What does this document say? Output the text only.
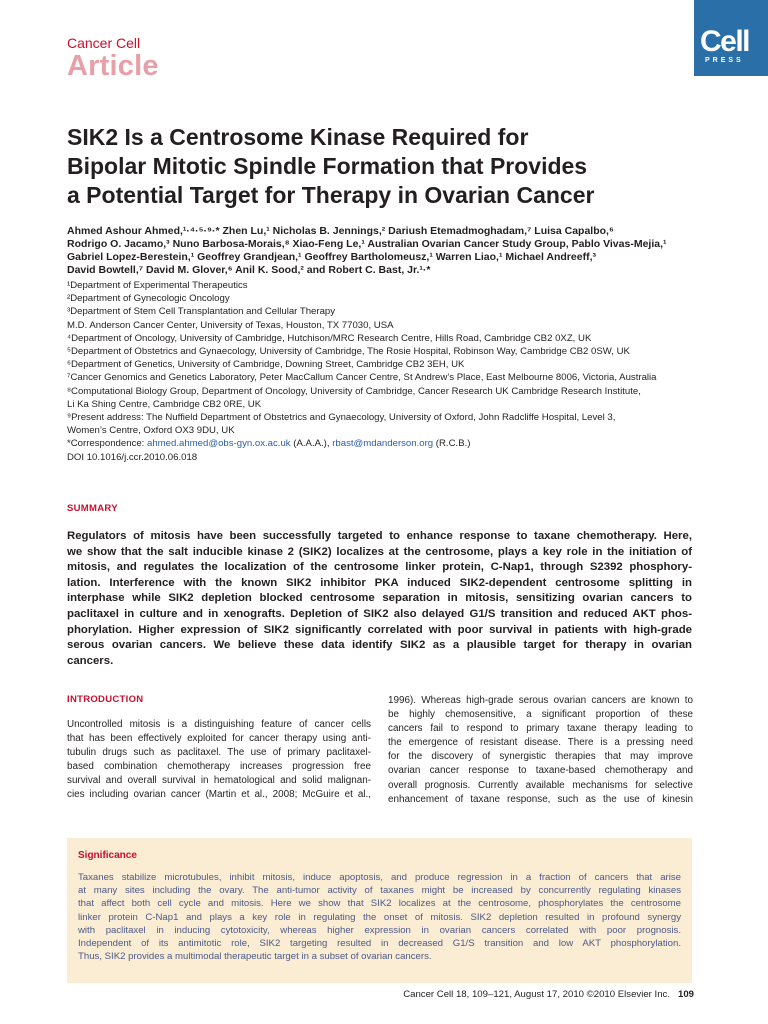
Cancer Cell
Article
Cell
PRESS
SIK2 Is a Centrosome Kinase Required for
Bipolar Mitotic Spindle Formation that Provides
a Potential Target for Therapy in Ovarian Cancer
Ahmed Ashour Ahmed,¹·⁴·⁵·⁹·* Zhen Lu,¹ Nicholas B. Jennings,² Dariush Etemadmoghadam,⁷ Luisa Capalbo,⁶
Rodrigo O. Jacamo,³ Nuno Barbosa-Morais,⁸ Xiao-Feng Le,¹ Australian Ovarian Cancer Study Group, Pablo Vivas-Mejia,¹
Gabriel Lopez-Berestein,¹ Geoffrey Grandjean,¹ Geoffrey Bartholomeusz,¹ Warren Liao,¹ Michael Andreeff,³
David Bowtell,⁷ David M. Glover,⁶ Anil K. Sood,² and Robert C. Bast, Jr.¹·*
¹Department of Experimental Therapeutics
²Department of Gynecologic Oncology
³Department of Stem Cell Transplantation and Cellular Therapy
M.D. Anderson Cancer Center, University of Texas, Houston, TX 77030, USA
⁴Department of Oncology, University of Cambridge, Hutchison/MRC Research Centre, Hills Road, Cambridge CB2 0XZ, UK
⁵Department of Obstetrics and Gynaecology, University of Cambridge, The Rosie Hospital, Robinson Way, Cambridge CB2 0SW, UK
⁶Department of Genetics, University of Cambridge, Downing Street, Cambridge CB2 3EH, UK
⁷Cancer Genomics and Genetics Laboratory, Peter MacCallum Cancer Centre, St Andrew’s Place, East Melbourne 8006, Victoria, Australia
⁸Computational Biology Group, Department of Oncology, University of Cambridge, Cancer Research UK Cambridge Research Institute,
Li Ka Shing Centre, Cambridge CB2 0RE, UK
⁹Present address: The Nuffield Department of Obstetrics and Gynaecology, University of Oxford, John Radcliffe Hospital, Level 3,
Women’s Centre, Oxford OX3 9DU, UK
*Correspondence: ahmed.ahmed@obs-gyn.ox.ac.uk (A.A.A.), rbast@mdanderson.org (R.C.B.)
DOI 10.1016/j.ccr.2010.06.018
SUMMARY
Regulators of mitosis have been successfully targeted to enhance response to taxane chemotherapy. Here,
we show that the salt inducible kinase 2 (SIK2) localizes at the centrosome, plays a key role in the initiation of
mitosis, and regulates the localization of the centrosome linker protein, C-Nap1, through S2392 phosphory-
lation. Interference with the known SIK2 inhibitor PKA induced SIK2-dependent centrosome splitting in
interphase while SIK2 depletion blocked centrosome separation in mitosis, sensitizing ovarian cancers to
paclitaxel in culture and in xenografts. Depletion of SIK2 also delayed G1/S transition and reduced AKT phos-
phorylation. Higher expression of SIK2 significantly correlated with poor survival in patients with high-grade
serous ovarian cancers. We believe these data identify SIK2 as a plausible target for therapy in ovarian
cancers.
INTRODUCTION
Uncontrolled mitosis is a distinguishing feature of cancer cells
that has been effectively exploited for cancer therapy using anti-
tubulin drugs such as paclitaxel. The use of primary paclitaxel-
based combination chemotherapy increases progression free
survival and overall survival in hematological and solid malignan-
cies including ovarian cancer (Martin et al., 2008; McGuire et al.,
1996). Whereas high-grade serous ovarian cancers are known to
be highly chemosensitive, a significant proportion of these
cancers fail to respond to primary taxane therapy leading to
the emergence of resistant disease. There is a pressing need
for the discovery of synergistic therapies that may improve
ovarian cancer response to taxane-based chemotherapy and
overall prognosis. Currently available mechanisms for selective
enhancement of taxane response, such as the use of kinesin
Significance
Taxanes stabilize microtubules, inhibit mitosis, induce apoptosis, and produce regression in a fraction of cancers that arise
at many sites including the ovary. The anti-tumor activity of taxanes might be increased by concurrently regulating kinases
that affect both cell cycle and mitosis. Here we show that SIK2 localizes at the centrosome, phosphorylates the centrosome
linker protein C-Nap1 and plays a key role in regulating the onset of mitosis. SIK2 depletion resulted in profound synergy
with paclitaxel in inducing cytotoxicity, whereas higher expression in ovarian cancers correlated with poor prognosis.
Independent of its antimitotic role, SIK2 targeting resulted in decreased G1/S transition and low AKT phosphorylation.
Thus, SIK2 provides a multimodal therapeutic target in a subset of ovarian cancers.
Cancer Cell 18, 109–121, August 17, 2010 ©2010 Elsevier Inc. 109
